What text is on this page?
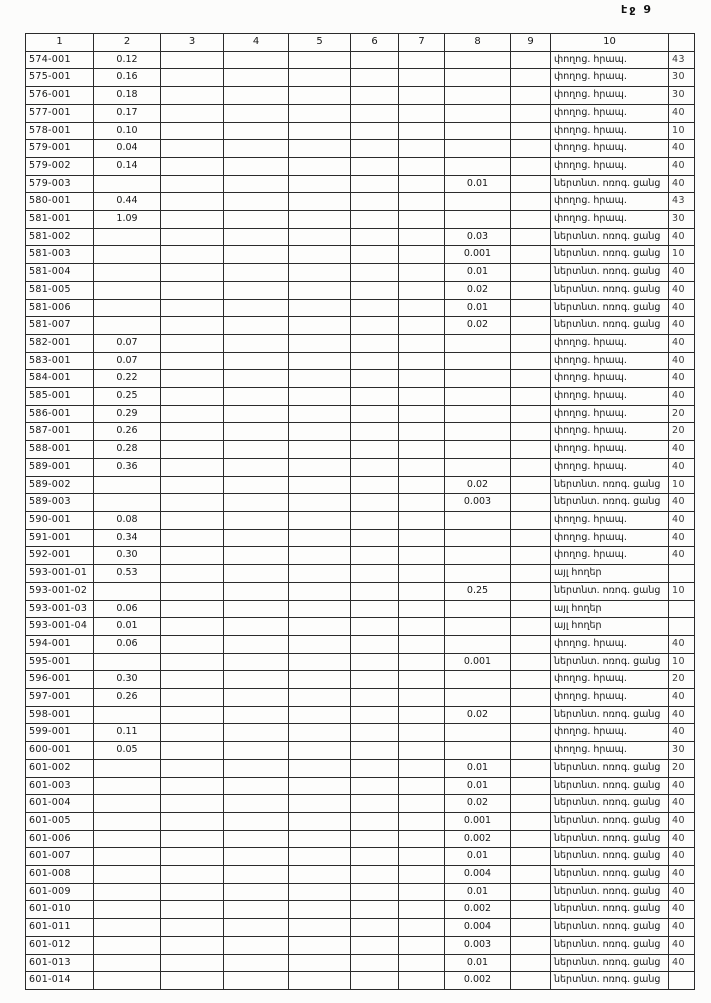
էջ 9
1	2	3	4	5	6	7	8	9	10	
574-001	0.12								փողոց. հրապ.	43
575-001	0.16								փողոց. հրապ.	30
576-001	0.18								փողոց. հրապ.	30
577-001	0.17								փողոց. հրապ.	40
578-001	0.10								փողոց. հրապ.	10
579-001	0.04								փողոց. հրապ.	40
579-002	0.14								փողոց. հրապ.	40
579-003							0.01		ներտնտ. ոռոգ. ցանց	40
580-001	0.44								փողոց. հրապ.	43
581-001	1.09								փողոց. հրապ.	30
581-002							0.03		ներտնտ. ոռոգ. ցանց	40
581-003							0.001		ներտնտ. ոռոգ. ցանց	10
581-004							0.01		ներտնտ. ոռոգ. ցանց	40
581-005							0.02		ներտնտ. ոռոգ. ցանց	40
581-006							0.01		ներտնտ. ոռոգ. ցանց	40
581-007							0.02		ներտնտ. ոռոգ. ցանց	40
582-001	0.07								փողոց. հրապ.	40
583-001	0.07								փողոց. հրապ.	40
584-001	0.22								փողոց. հրապ.	40
585-001	0.25								փողոց. հրապ.	40
586-001	0.29								փողոց. հրապ.	20
587-001	0.26								փողոց. հրապ.	20
588-001	0.28								փողոց. հրապ.	40
589-001	0.36								փողոց. հրապ.	40
589-002							0.02		ներտնտ. ոռոգ. ցանց	10
589-003							0.003		ներտնտ. ոռոգ. ցանց	40
590-001	0.08								փողոց. հրապ.	40
591-001	0.34								փողոց. հրապ.	40
592-001	0.30								փողոց. հրապ.	40
593-001-01	0.53								այլ հողեր	
593-001-02							0.25		ներտնտ. ոռոգ. ցանց	10
593-001-03	0.06								այլ հողեր	
593-001-04	0.01								այլ հողեր	
594-001	0.06								փողոց. հրապ.	40
595-001							0.001		ներտնտ. ոռոգ. ցանց	10
596-001	0.30								փողոց. հրապ.	20
597-001	0.26								փողոց. հրապ.	40
598-001							0.02		ներտնտ. ոռոգ. ցանց	40
599-001	0.11								փողոց. հրապ.	40
600-001	0.05								փողոց. հրապ.	30
601-002							0.01		ներտնտ. ոռոգ. ցանց	20
601-003							0.01		ներտնտ. ոռոգ. ցանց	40
601-004							0.02		ներտնտ. ոռոգ. ցանց	40
601-005							0.001		ներտնտ. ոռոգ. ցանց	40
601-006							0.002		ներտնտ. ոռոգ. ցանց	40
601-007							0.01		ներտնտ. ոռոգ. ցանց	40
601-008							0.004		ներտնտ. ոռոգ. ցանց	40
601-009							0.01		ներտնտ. ոռոգ. ցանց	40
601-010							0.002		ներտնտ. ոռոգ. ցանց	40
601-011							0.004		ներտնտ. ոռոգ. ցանց	40
601-012							0.003		ներտնտ. ոռոգ. ցանց	40
601-013							0.01		ներտնտ. ոռոգ. ցանց	40
601-014							0.002		ներտնտ. ոռոգ. ցանց	
